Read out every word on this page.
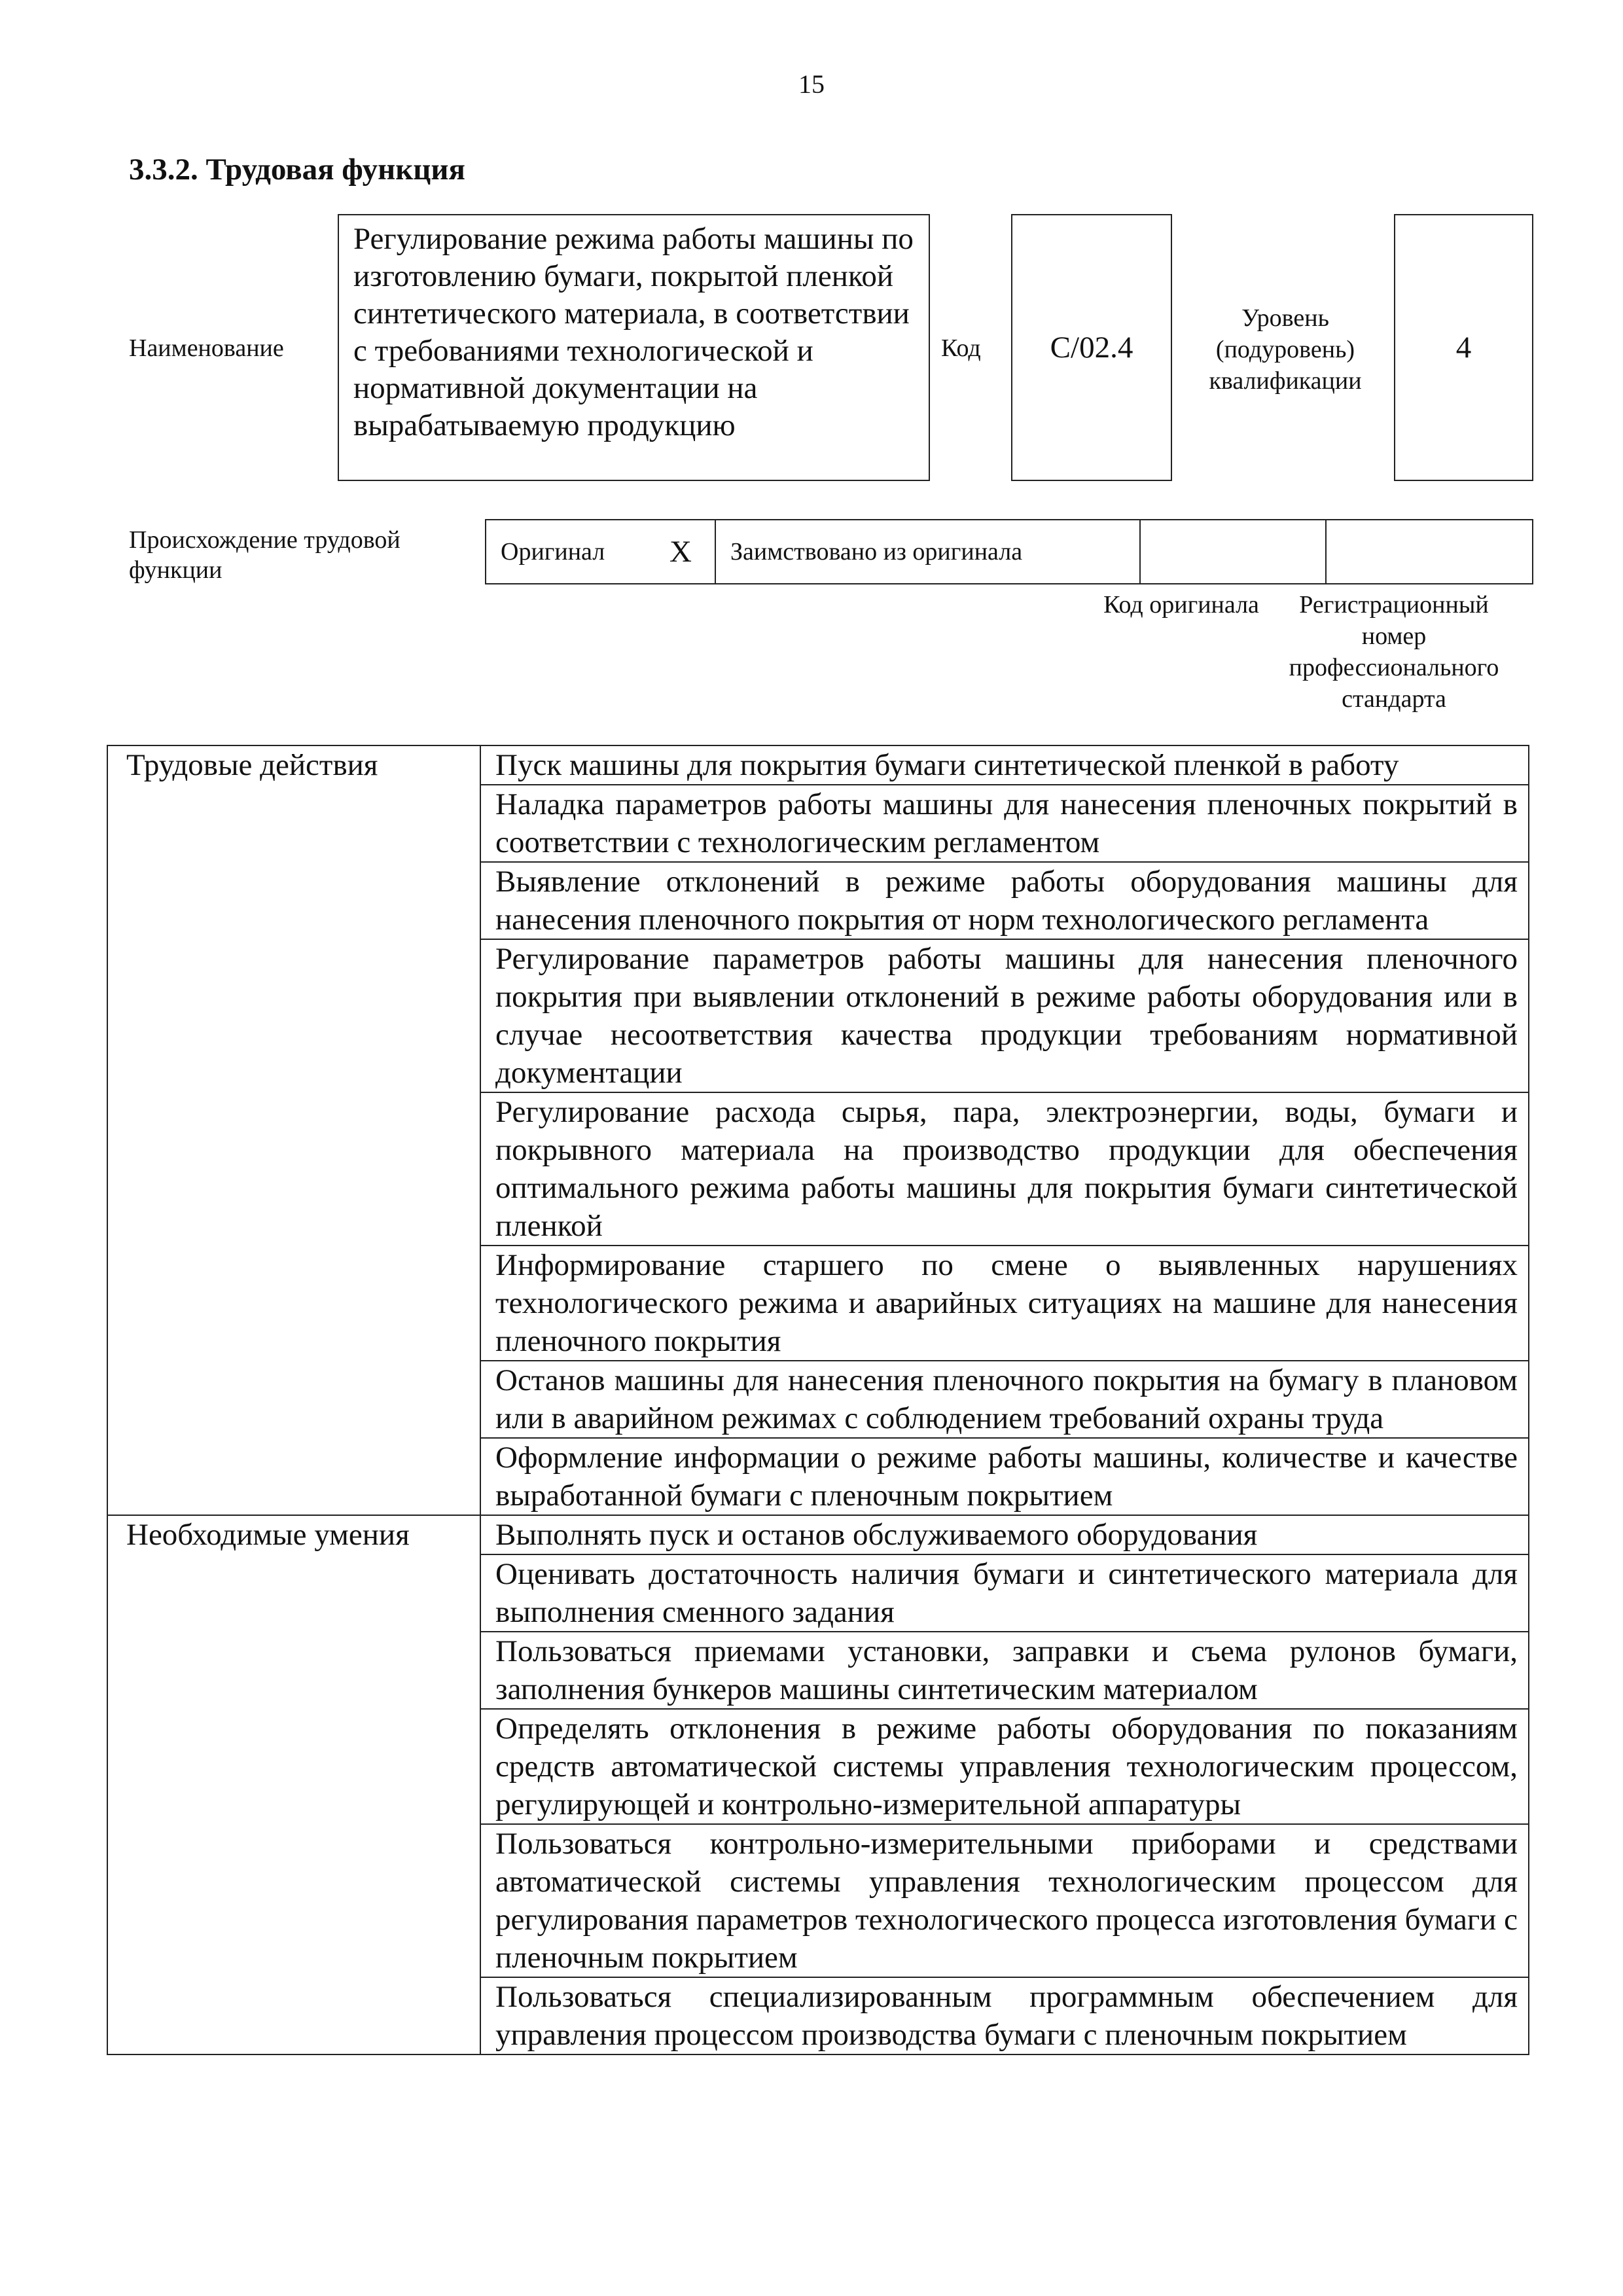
15
3.3.2. Трудовая функция
Наименование
Регулирование режима работы машины по изготовлению бумаги, покрытой пленкой синтетического материала, в соответствии с требованиями технологической и нормативной документации на вырабатываемую продукцию
Код С/02.4
Уровень (подуровень) квалификации
4
Происхождение трудовой функции
Оригинал X	Заимствовано из оригинала
Код оригинала	Регистрационный номер профессионального стандарта
Трудовые действия	Пуск машины для покрытия бумаги синтетической пленкой в работу
	Наладка параметров работы машины для нанесения пленочных покрытий в соответствии с технологическим регламентом
	Выявление отклонений в режиме работы оборудования машины для нанесения пленочного покрытия от норм технологического регламента
	Регулирование параметров работы машины для нанесения пленочного покрытия при выявлении отклонений в режиме работы оборудования или в случае несоответствия качества продукции требованиям нормативной документации
	Регулирование расхода сырья, пара, электроэнергии, воды, бумаги и покрывного материала на производство продукции для обеспечения оптимального режима работы машины для покрытия бумаги синтетической пленкой
	Информирование старшего по смене о выявленных нарушениях технологического режима и аварийных ситуациях на машине для нанесения пленочного покрытия
	Останов машины для нанесения пленочного покрытия на бумагу в плановом или в аварийном режимах с соблюдением требований охраны труда
	Оформление информации о режиме работы машины, количестве и качестве выработанной бумаги с пленочным покрытием
Необходимые умения	Выполнять пуск и останов обслуживаемого оборудования
	Оценивать достаточность наличия бумаги и синтетического материала для выполнения сменного задания
	Пользоваться приемами установки, заправки и съема рулонов бумаги, заполнения бункеров машины синтетическим материалом
	Определять отклонения в режиме работы оборудования по показаниям средств автоматической системы управления технологическим процессом, регулирующей и контрольно-измерительной аппаратуры
	Пользоваться контрольно-измерительными приборами и средствами автоматической системы управления технологическим процессом для регулирования параметров технологического процесса изготовления бумаги с пленочным покрытием
	Пользоваться специализированным программным обеспечением для управления процессом производства бумаги с пленочным покрытием
